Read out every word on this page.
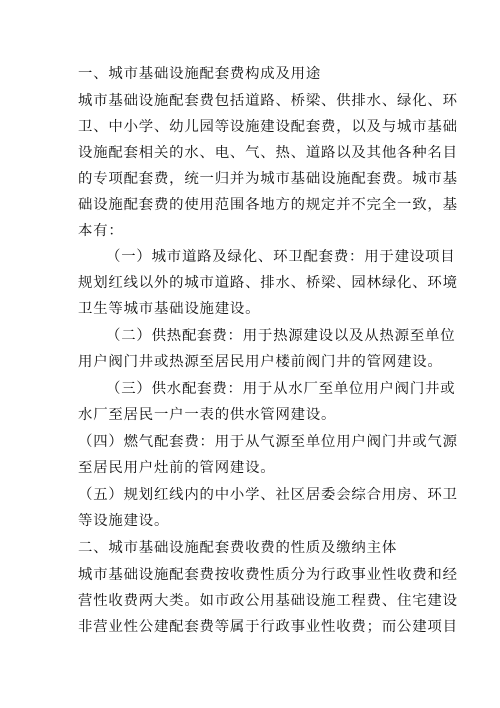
一、城市基础设施配套费构成及用途
城市基础设施配套费包括道路、桥梁、供排水、绿化、环
卫、中小学、幼儿园等设施建设配套费，以及与城市基础
设施配套相关的水、电、气、热、道路以及其他各种名目
的专项配套费，统一归并为城市基础设施配套费。城市基
础设施配套费的使用范围各地方的规定并不完全一致，基
本有：
（一）城市道路及绿化、环卫配套费：用于建设项目
规划红线以外的城市道路、排水、桥梁、园林绿化、环境
卫生等城市基础设施建设。
（二）供热配套费：用于热源建设以及从热源至单位
用户阀门井或热源至居民用户楼前阀门井的管网建设。
（三）供水配套费：用于从水厂至单位用户阀门井或
水厂至居民一户一表的供水管网建设。
（四）燃气配套费：用于从气源至单位用户阀门井或气源
至居民用户灶前的管网建设。
（五）规划红线内的中小学、社区居委会综合用房、环卫
等设施建设。
二、城市基础设施配套费收费的性质及缴纳主体
城市基础设施配套费按收费性质分为行政事业性收费和经
营性收费两大类。如市政公用基础设施工程费、住宅建设
非营业性公建配套费等属于行政事业性收费；而公建项目
